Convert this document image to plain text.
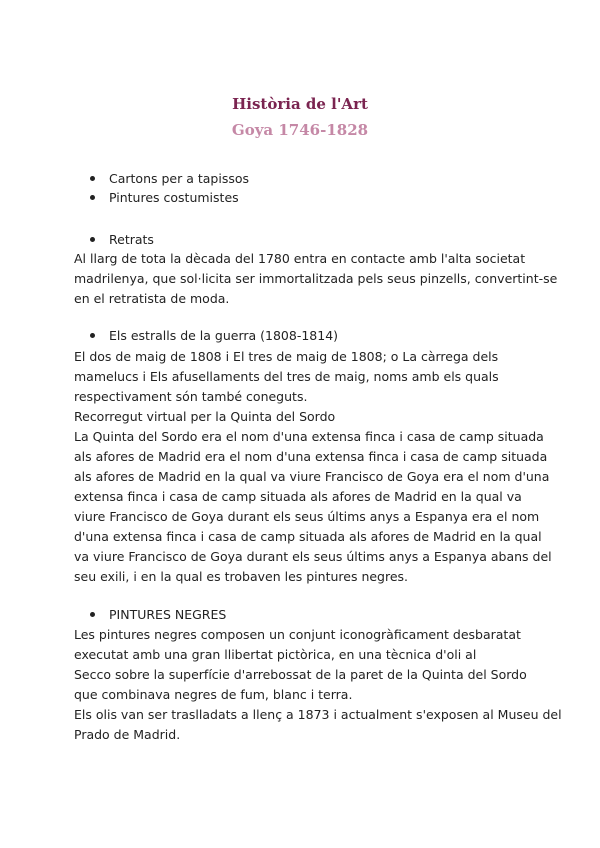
Història de l'Art
Goya 1746-1828
Cartons per a tapissos
Pintures costumistes
Retrats
Al llarg de tota la dècada del 1780 entra en contacte amb l'alta societat
madrilenya, que sol·licita ser immortalitzada pels seus pinzells, convertint-se
en el retratista de moda.
Els estralls de la guerra (1808-1814)
El dos de maig de 1808 i El tres de maig de 1808; o La càrrega dels
mamelucs i Els afusellaments del tres de maig, noms amb els quals
respectivament són també coneguts.
Recorregut virtual per la Quinta del Sordo
La Quinta del Sordo era el nom d'una extensa finca i casa de camp situada
als afores de Madrid era el nom d'una extensa finca i casa de camp situada
als afores de Madrid en la qual va viure Francisco de Goya era el nom d'una
extensa finca i casa de camp situada als afores de Madrid en la qual va
viure Francisco de Goya durant els seus últims anys a Espanya era el nom
d'una extensa finca i casa de camp situada als afores de Madrid en la qual
va viure Francisco de Goya durant els seus últims anys a Espanya abans del
seu exili, i en la qual es trobaven les pintures negres.
PINTURES NEGRES
Les pintures negres composen un conjunt iconogràficament desbaratat
executat amb una gran llibertat pictòrica, en una tècnica d'oli al
Secco sobre la superfície d'arrebossat de la paret de la Quinta del Sordo
que combinava negres de fum, blanc i terra.
Els olis van ser traslladats a llenç a 1873 i actualment s'exposen al Museu del
Prado de Madrid.
